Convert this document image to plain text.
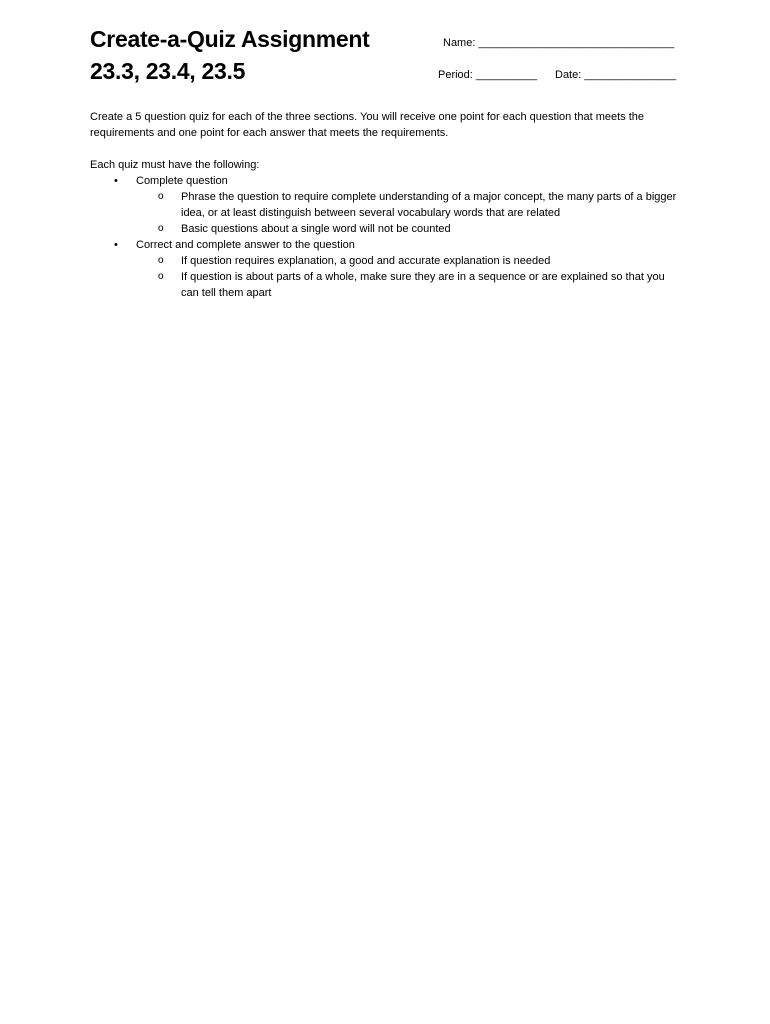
Create-a-Quiz Assignment
23.3, 23.4, 23.5
Name: ________________________________
Period: __________ Date: _______________
Create a 5 question quiz for each of the three sections. You will receive one point for each question that meets the requirements and one point for each answer that meets the requirements.
Each quiz must have the following:
• Complete question
o Phrase the question to require complete understanding of a major concept, the many parts of a bigger idea, or at least distinguish between several vocabulary words that are related
o Basic questions about a single word will not be counted
• Correct and complete answer to the question
o If question requires explanation, a good and accurate explanation is needed
o If question is about parts of a whole, make sure they are in a sequence or are explained so that you can tell them apart
